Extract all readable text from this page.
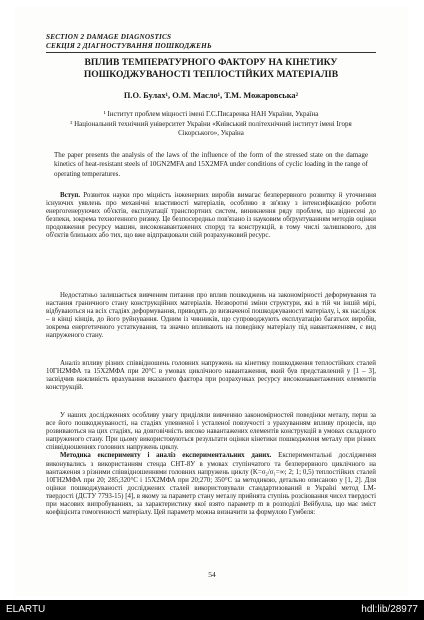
SECTION 2 DAMAGE DIAGNOSTICS
СЕКЦІЯ 2 ДІАГНОСТУВАННЯ ПОШКОДЖЕНЬ
ВПЛИВ ТЕМПЕРАТУРНОГО ФАКТОРУ НА КІНЕТИКУ
ПОШКОДЖУВАНОСТІ ТЕПЛОСТІЙКИХ МАТЕРІАЛІВ
П.О. Булах¹, О.М. Масло¹, Т.М. Можаровська²
¹ Інститут проблем міцності імені Г.С.Писаренка НАН України, Україна
² Національний технічний університет України «Київський політехнічний інститут імені Ігоря Сікорського», Україна
The paper presents the analysis of the laws of the influence of the form of the stressed state on the damage kinetics of heat-resistant steels of 10GN2MFA and 15X2MFA under conditions of cyclic loading in the range of operating temperatures.
Вступ. Розвиток науки про міцність інженерних виробів вимагає безперервного розвитку й уточнення існуючих уявлень про механічні властивості матеріалів, особливо в зв'язку з інтенсифікацією роботи енергогенеруючих об'єктів, експлуатації транспортних систем, виникнення ряду проблем, що віднесені до безпеки, зокрема техногенного ризику. Це безпосередньо пов'язано із науковим обґрунтуванням методів оцінки продовження ресурсу машин, високонавантажених споруд та конструкцій, в тому числі залишкового, для об'єктів близьких або тих, що вже відпрацювали свій розрахунковий ресурс.
Недостатньо залишається вивченим питання про вплив пошкоджень на закономірності деформування та настання граничного стану конструкційних матеріалів. Незворотні зміни структури, які в тій чи іншій мірі, відбуваються на всіх стадіях деформування, приводять до визначеної пошкоджуваності матеріалу, і, як наслідок – в кінці кінців, до його руйнування. Одним із чинників, що супроводжують експлуатацію багатьох виробів, зокрема енергетичного устаткування, та значно впливають на поведінку матеріалу під навантаженням, є вид напруженого стану.
Аналіз впливу різних співвідношень головних напружень на кінетику пошкодження теплостійких сталей 10ГН2МФА та 15Х2МФА при 20°С в умовах циклічного навантаження, який був представлений у [1 – 3], засвідчив важливість врахування вказаного фактора при розрахунках ресурсу високонавантажених елементів конструкцій.
У наших дослідженнях особливу увагу приділяли вивченню закономірностей поведінки металу, перш за все його пошкоджуваності, на стадіях упевненої і усталеної повзучості з урахуванням впливу процесів, що розвиваються на цих стадіях, на довговічність високо навантажених елементів конструкцій в умовах складного напруженого стану. При цьому використовуються результати оцінки кінетики пошкодження металу при різних співвідношеннях головних напружень циклу.
Методика експерименту і аналіз експериментальних даних. Експериментальні дослідження виконувались з використанням стенда СНТ-8У в умовах ступінчатого та безперервного циклічного на вантаження з різними співвідношеннями головних напружень циклу (K=σ₂/σ₁=∞; 2; 1; 0,5) теплостійких сталей 10ГН2МФА при 20; 285;320°С і 15Х2МФА при 20;270; 350°С за методикою, детально описаною у [1, 2]. Для оцінки пошкоджуваності досліджених сталей використовували стандартизований в Україні метод LM- твердості (ДСТУ 7793-15) [4], в якому за параметр стану металу прийнята ступінь розсіювання чисел твердості при масових випробуваннях, за характеристику якої взято параметр m в розподілі Вейбулла, що має зміст коефіцієнта гомогенності матеріалу. Цей параметр можна визначити за формулою Гумбеля:
54
ELARTU	hdl:lib/28977
